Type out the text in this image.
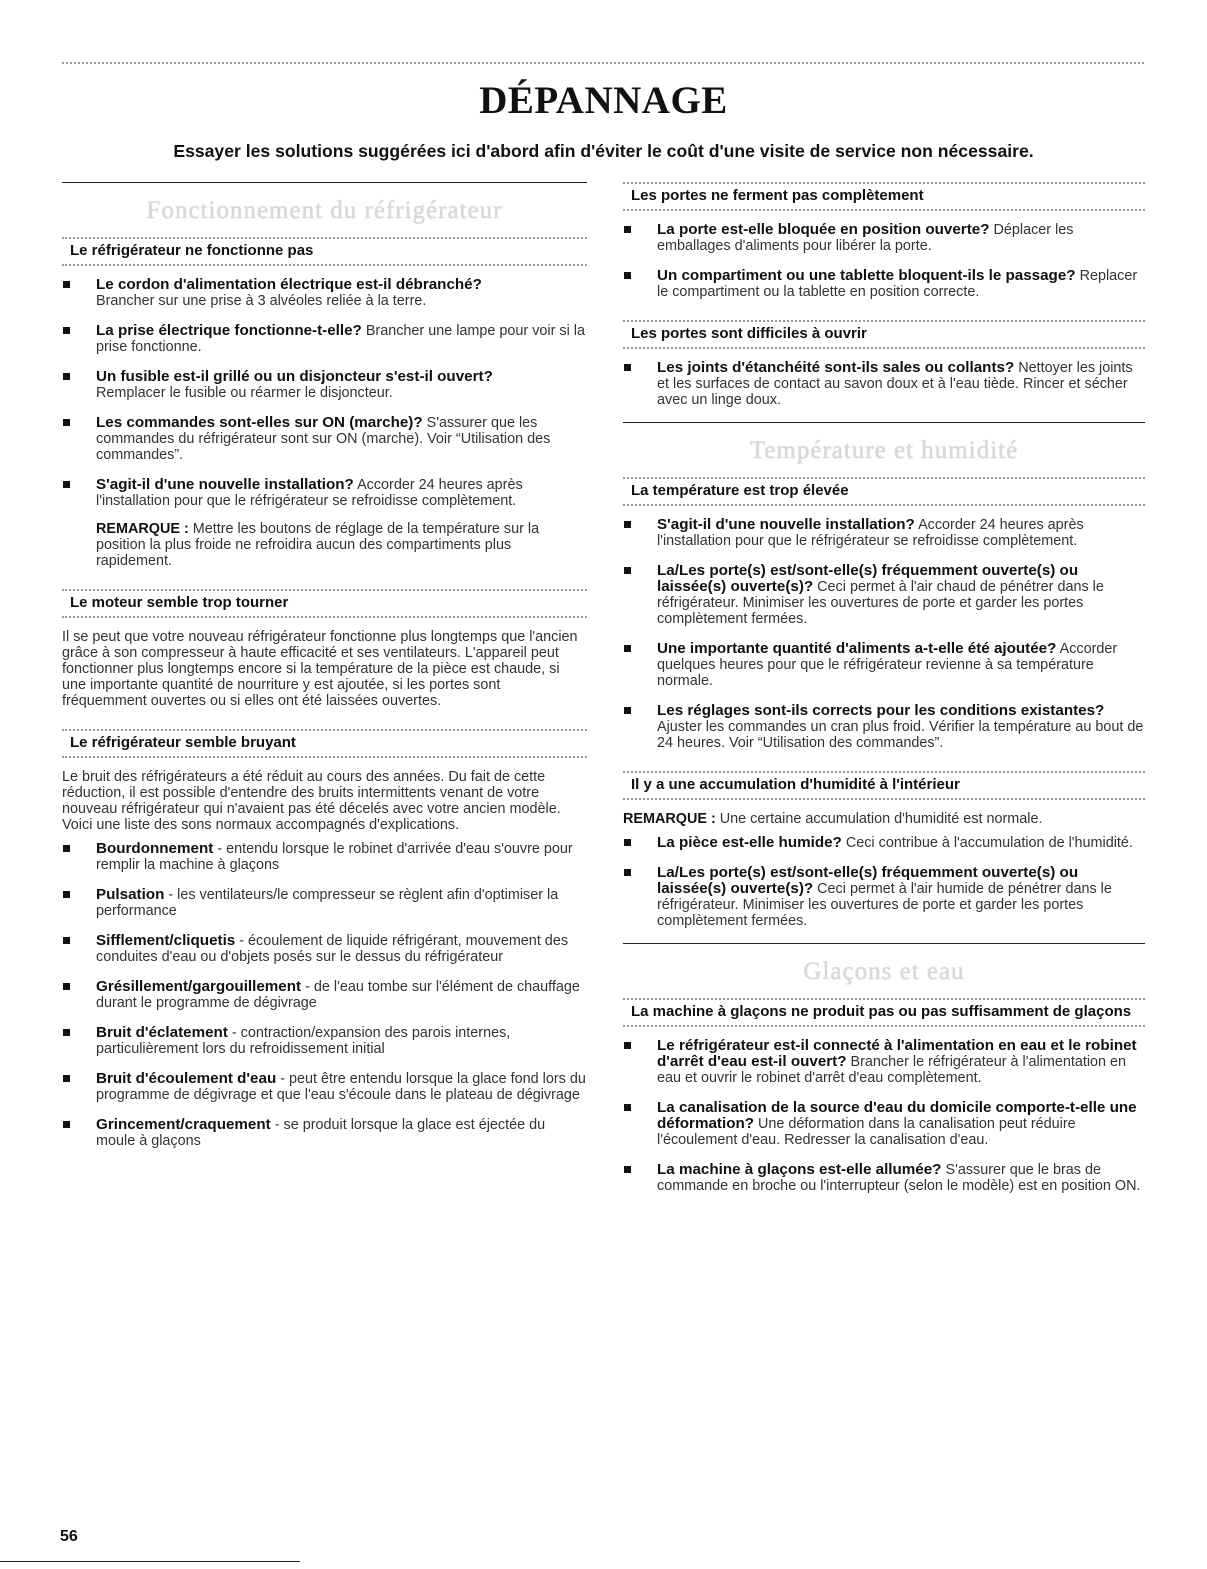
DÉPANNAGE
Essayer les solutions suggérées ici d'abord afin d'éviter le coût d'une visite de service non nécessaire.
Fonctionnement du réfrigérateur
Le réfrigérateur ne fonctionne pas
Le cordon d'alimentation électrique est-il débranché?
Brancher sur une prise à 3 alvéoles reliée à la terre.
La prise électrique fonctionne-t-elle? Brancher une lampe pour voir si la prise fonctionne.
Un fusible est-il grillé ou un disjoncteur s'est-il ouvert?
Remplacer le fusible ou réarmer le disjoncteur.
Les commandes sont-elles sur ON (marche)? S'assurer que les commandes du réfrigérateur sont sur ON (marche). Voir “Utilisation des commandes”.
S'agit-il d'une nouvelle installation? Accorder 24 heures après l'installation pour que le réfrigérateur se refroidisse complètement.
REMARQUE : Mettre les boutons de réglage de la température sur la position la plus froide ne refroidira aucun des compartiments plus rapidement.
Le moteur semble trop tourner
Il se peut que votre nouveau réfrigérateur fonctionne plus longtemps que l'ancien grâce à son compresseur à haute efficacité et ses ventilateurs. L'appareil peut fonctionner plus longtemps encore si la température de la pièce est chaude, si une importante quantité de nourriture y est ajoutée, si les portes sont fréquemment ouvertes ou si elles ont été laissées ouvertes.
Le réfrigérateur semble bruyant
Le bruit des réfrigérateurs a été réduit au cours des années. Du fait de cette réduction, il est possible d'entendre des bruits intermittents venant de votre nouveau réfrigérateur qui n'avaient pas été décelés avec votre ancien modèle. Voici une liste des sons normaux accompagnés d'explications.
Bourdonnement - entendu lorsque le robinet d'arrivée d'eau s'ouvre pour remplir la machine à glaçons
Pulsation - les ventilateurs/le compresseur se règlent afin d'optimiser la performance
Sifflement/cliquetis - écoulement de liquide réfrigérant, mouvement des conduites d'eau ou d'objets posés sur le dessus du réfrigérateur
Grésillement/gargouillement - de l'eau tombe sur l'élément de chauffage durant le programme de dégivrage
Bruit d'éclatement - contraction/expansion des parois internes, particulièrement lors du refroidissement initial
Bruit d'écoulement d'eau - peut être entendu lorsque la glace fond lors du programme de dégivrage et que l'eau s'écoule dans le plateau de dégivrage
Grincement/craquement - se produit lorsque la glace est éjectée du moule à glaçons
Les portes ne ferment pas complètement
La porte est-elle bloquée en position ouverte? Déplacer les emballages d'aliments pour libérer la porte.
Un compartiment ou une tablette bloquent-ils le passage? Replacer le compartiment ou la tablette en position correcte.
Les portes sont difficiles à ouvrir
Les joints d'étanchéité sont-ils sales ou collants? Nettoyer les joints et les surfaces de contact au savon doux et à l'eau tiède. Rincer et sécher avec un linge doux.
Température et humidité
La température est trop élevée
S'agit-il d'une nouvelle installation? Accorder 24 heures après l'installation pour que le réfrigérateur se refroidisse complètement.
La/Les porte(s) est/sont-elle(s) fréquemment ouverte(s) ou laissée(s) ouverte(s)? Ceci permet à l'air chaud de pénétrer dans le réfrigérateur. Minimiser les ouvertures de porte et garder les portes complètement fermées.
Une importante quantité d'aliments a-t-elle été ajoutée? Accorder quelques heures pour que le réfrigérateur revienne à sa température normale.
Les réglages sont-ils corrects pour les conditions existantes? Ajuster les commandes un cran plus froid. Vérifier la température au bout de 24 heures. Voir “Utilisation des commandes”.
Il y a une accumulation d'humidité à l'intérieur
REMARQUE : Une certaine accumulation d'humidité est normale.
La pièce est-elle humide? Ceci contribue à l'accumulation de l'humidité.
La/Les porte(s) est/sont-elle(s) fréquemment ouverte(s) ou laissée(s) ouverte(s)? Ceci permet à l'air humide de pénétrer dans le réfrigérateur. Minimiser les ouvertures de porte et garder les portes complètement fermées.
Glaçons et eau
La machine à glaçons ne produit pas ou pas suffisamment de glaçons
Le réfrigérateur est-il connecté à l'alimentation en eau et le robinet d'arrêt d'eau est-il ouvert? Brancher le réfrigérateur à l'alimentation en eau et ouvrir le robinet d'arrêt d'eau complètement.
La canalisation de la source d'eau du domicile comporte-t-elle une déformation? Une déformation dans la canalisation peut réduire l'écoulement d'eau. Redresser la canalisation d'eau.
La machine à glaçons est-elle allumée? S'assurer que le bras de commande en broche ou l'interrupteur (selon le modèle) est en position ON.
56
